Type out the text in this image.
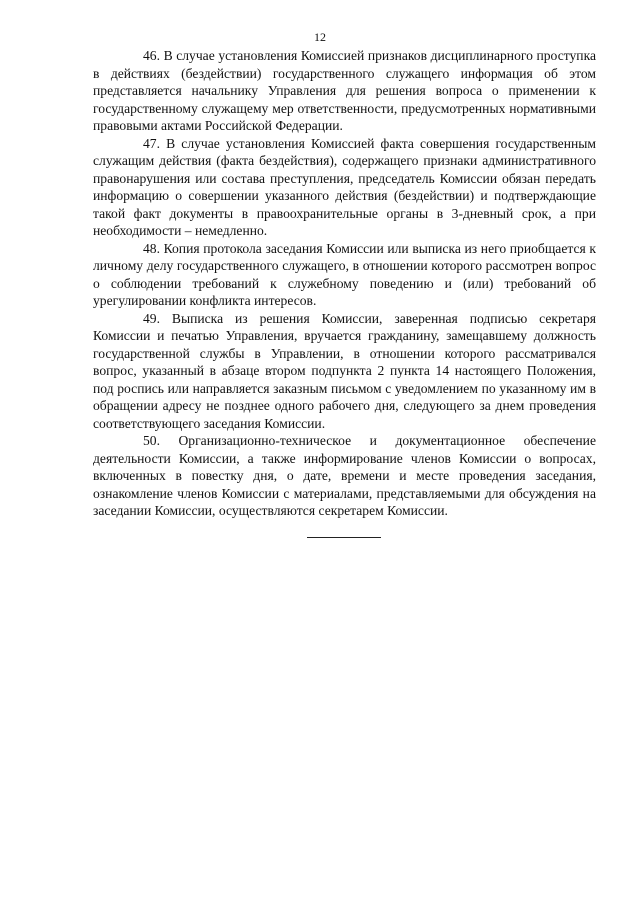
12

46. В случае установления Комиссией признаков дисциплинарного проступка в действиях (бездействии) государственного служащего информация об этом представляется начальнику Управления для решения вопроса о применении к государственному служащему мер ответственности, предусмотренных нормативными правовыми актами Российской Федерации.

47. В случае установления Комиссией факта совершения государственным служащим действия (факта бездействия), содержащего признаки административного правонарушения или состава преступления, председатель Комиссии обязан передать информацию о совершении указанного действия (бездействии) и подтверждающие такой факт документы в правоохранительные органы в 3-дневный срок, а при необходимости – немедленно.

48. Копия протокола заседания Комиссии или выписка из него приобщается к личному делу государственного служащего, в отношении которого рассмотрен вопрос о соблюдении требований к служебному поведению и (или) требований об урегулировании конфликта интересов.

49. Выписка из решения Комиссии, заверенная подписью секретаря Комиссии и печатью Управления, вручается гражданину, замещавшему должность государственной службы в Управлении, в отношении которого рассматривался вопрос, указанный в абзаце втором подпункта 2 пункта 14 настоящего Положения, под роспись или направляется заказным письмом с уведомлением по указанному им в обращении адресу не позднее одного рабочего дня, следующего за днем проведения соответствующего заседания Комиссии.

50. Организационно-техническое и документационное обеспечение деятельности Комиссии, а также информирование членов Комиссии о вопросах, включенных в повестку дня, о дате, времени и месте проведения заседания, ознакомление членов Комиссии с материалами, представляемыми для обсуждения на заседании Комиссии, осуществляются секретарем Комиссии.
